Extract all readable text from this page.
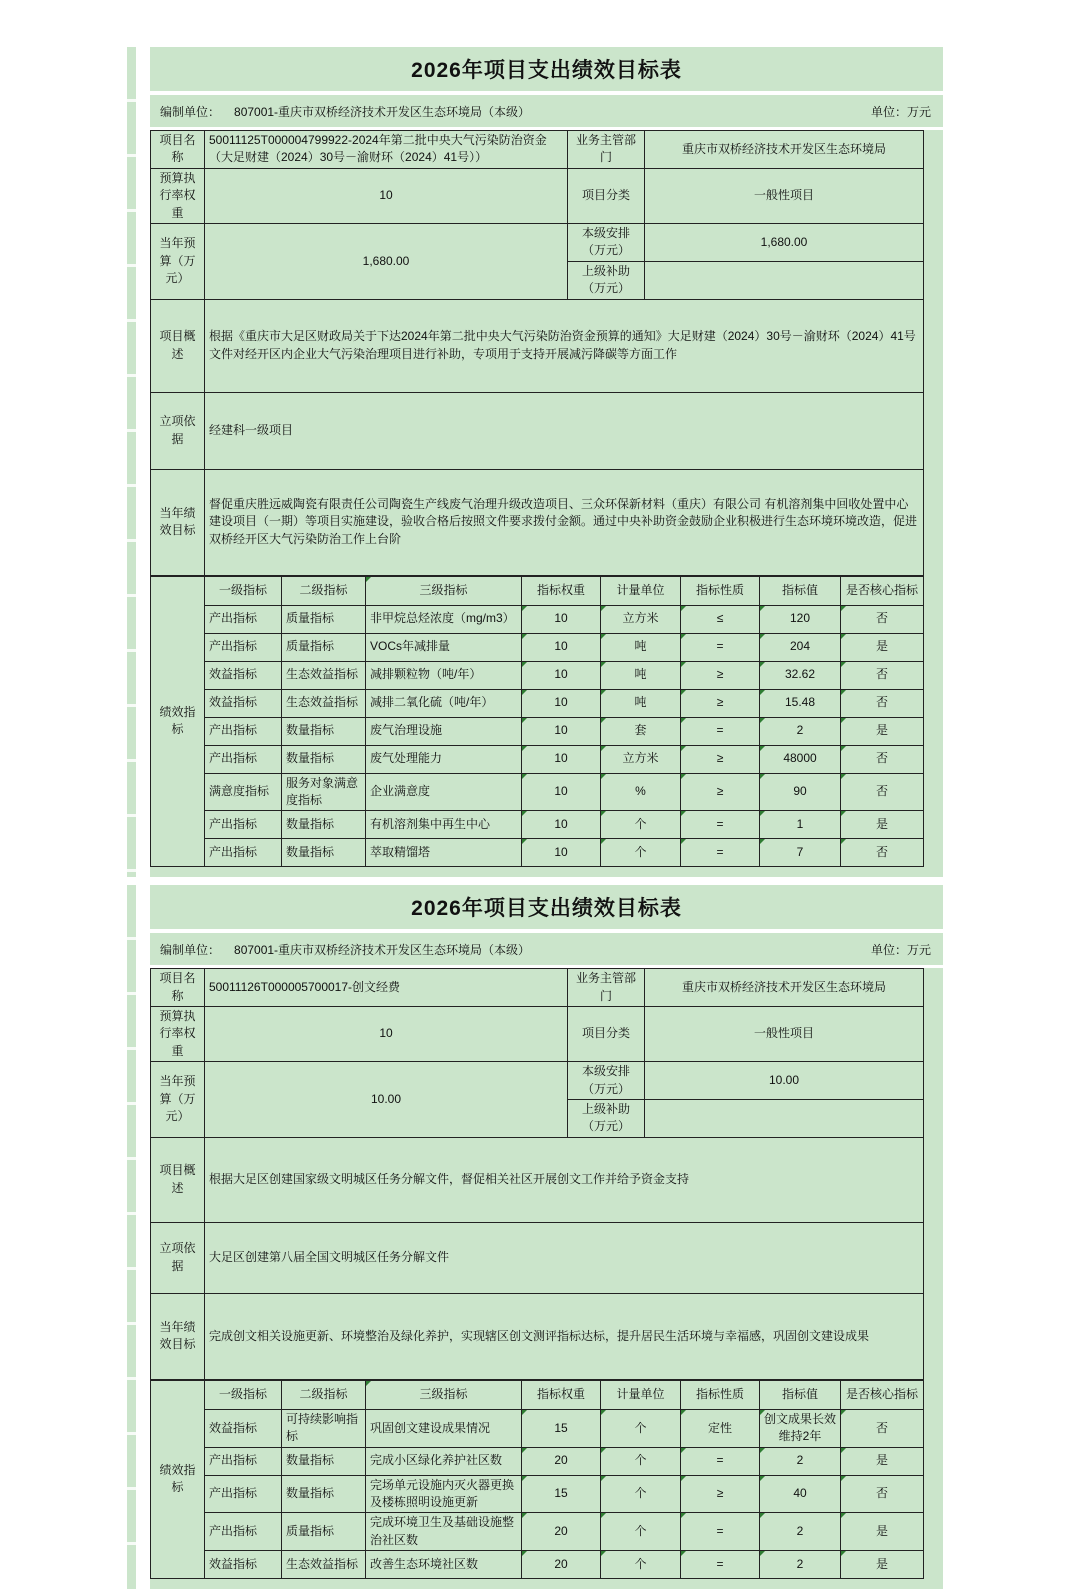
2026年项目支出绩效目标表
编制单位： 807001-重庆市双桥经济技术开发区生态环境局（本级）	单位：万元
项目名称	50011125T000004799922-2024年第二批中央大气污染防治资金（大足财建（2024）30号－渝财环（2024）41号））	业务主管部门	重庆市双桥经济技术开发区生态环境局
预算执行率权重	10	项目分类	一般性项目
当年预算（万元）	1,680.00	本级安排（万元）	1,680.00
		上级补助（万元）	
项目概述	根据《重庆市大足区财政局关于下达2024年第二批中央大气污染防治资金预算的通知》大足财建（2024）30号－渝财环（2024）41号文件对经开区内企业大气污染治理项目进行补助，专项用于支持开展减污降碳等方面工作		
立项依据	经建科一级项目		
当年绩效目标	督促重庆胜远威陶瓷有限责任公司陶瓷生产线废气治理升级改造项目、三众环保新材料（重庆）有限公司 有机溶剂集中回收处置中心建设项目（一期）等项目实施建设，验收合格后按照文件要求拨付金额。通过中央补助资金鼓励企业积极进行生态环境环境改造，促进双桥经开区大气污染防治工作上台阶		
绩效指标	一级指标	二级指标	三级指标	指标权重	计量单位	指标性质	指标值	是否核心指标
	产出指标	质量指标	非甲烷总烃浓度（mg/m3）	10	立方米	≤	120	否
	产出指标	质量指标	VOCs年减排量	10	吨	=	204	是
	效益指标	生态效益指标	减排颗粒物（吨/年）	10	吨	≥	32.62	否
	效益指标	生态效益指标	减排二氧化硫（吨/年）	10	吨	≥	15.48	否
	产出指标	数量指标	废气治理设施	10	套	=	2	是
	产出指标	数量指标	废气处理能力	10	立方米	≥	48000	否
	满意度指标	服务对象满意度指标	企业满意度	10	%	≥	90	否
	产出指标	数量指标	有机溶剂集中再生中心	10	个	=	1	是
	产出指标	数量指标	萃取精馏塔	10	个	=	7	否
2026年项目支出绩效目标表
编制单位： 807001-重庆市双桥经济技术开发区生态环境局（本级）	单位：万元
项目名称	50011126T000005700017-创文经费	业务主管部门	重庆市双桥经济技术开发区生态环境局
预算执行率权重	10	项目分类	一般性项目
当年预算（万元）	10.00	本级安排（万元）	10.00
		上级补助（万元）	
项目概述	根据大足区创建国家级文明城区任务分解文件，督促相关社区开展创文工作并给予资金支持		
立项依据	大足区创建第八届全国文明城区任务分解文件		
当年绩效目标	完成创文相关设施更新、环境整治及绿化养护，实现辖区创文测评指标达标，提升居民生活环境与幸福感，巩固创文建设成果		
绩效指标	一级指标	二级指标	三级指标	指标权重	计量单位	指标性质	指标值	是否核心指标
	效益指标	可持续影响指标	巩固创文建设成果情况	15	个	定性	创文成果长效维持2年	否
	产出指标	数量指标	完成小区绿化养护社区数	20	个	=	2	是
	产出指标	数量指标	完场单元设施内灭火器更换及楼栋照明设施更新	15	个	≥	40	否
	产出指标	质量指标	完成环境卫生及基础设施整治社区数	20	个	=	2	是
	效益指标	生态效益指标	改善生态环境社区数	20	个	=	2	是
